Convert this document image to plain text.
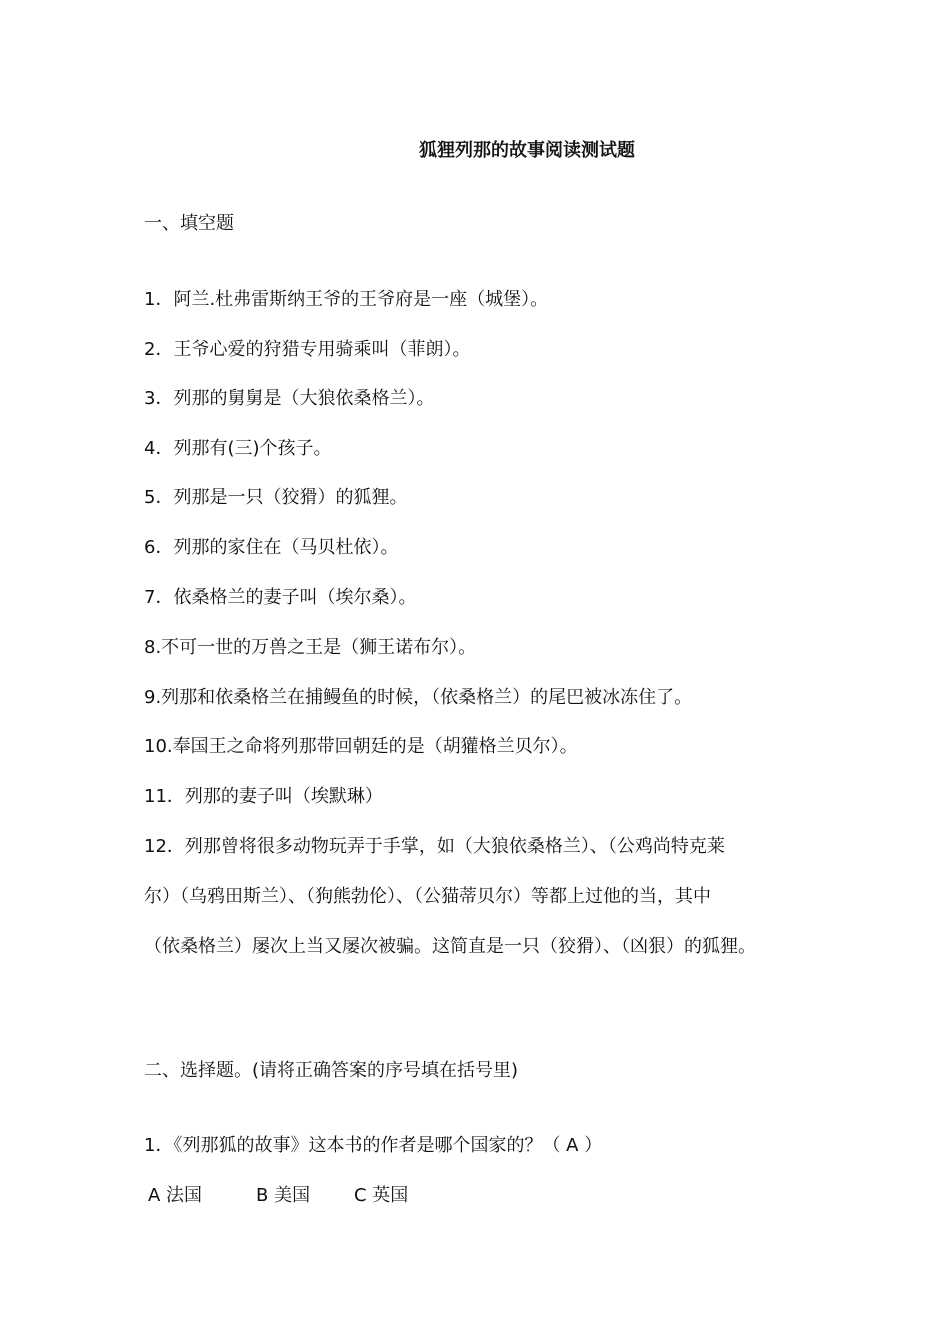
狐狸列那的故事阅读测试题

一、填空题

1．阿兰.杜弗雷斯纳王爷的王爷府是一座（城堡）。

2．王爷心爱的狩猎专用骑乘叫（菲朗）。

3．列那的舅舅是（大狼依桑格兰）。

4．列那有(三)个孩子。

5．列那是一只（狡猾）的狐狸。

6．列那的家住在（马贝杜依）。

7．依桑格兰的妻子叫（埃尔桑）。

8.不可一世的万兽之王是（狮王诺布尔）。

9.列那和依桑格兰在捕鳗鱼的时候，（依桑格兰）的尾巴被冰冻住了。

10.奉国王之命将列那带回朝廷的是（胡獾格兰贝尔）。

11．列那的妻子叫（埃默琳）

12．列那曾将很多动物玩弄于手掌，如（大狼依桑格兰）、（公鸡尚特克莱

尔）（乌鸦田斯兰）、（狗熊勃伦）、（公猫蒂贝尔）等都上过他的当，其中

（依桑格兰）屡次上当又屡次被骗。这简直是一只（狡猾）、（凶狠）的狐狸。

二、选择题。(请将正确答案的序号填在括号里)

1．《列那狐的故事》这本书的作者是哪个国家的？（ A ）

A 法国	B 美国 C 英国
